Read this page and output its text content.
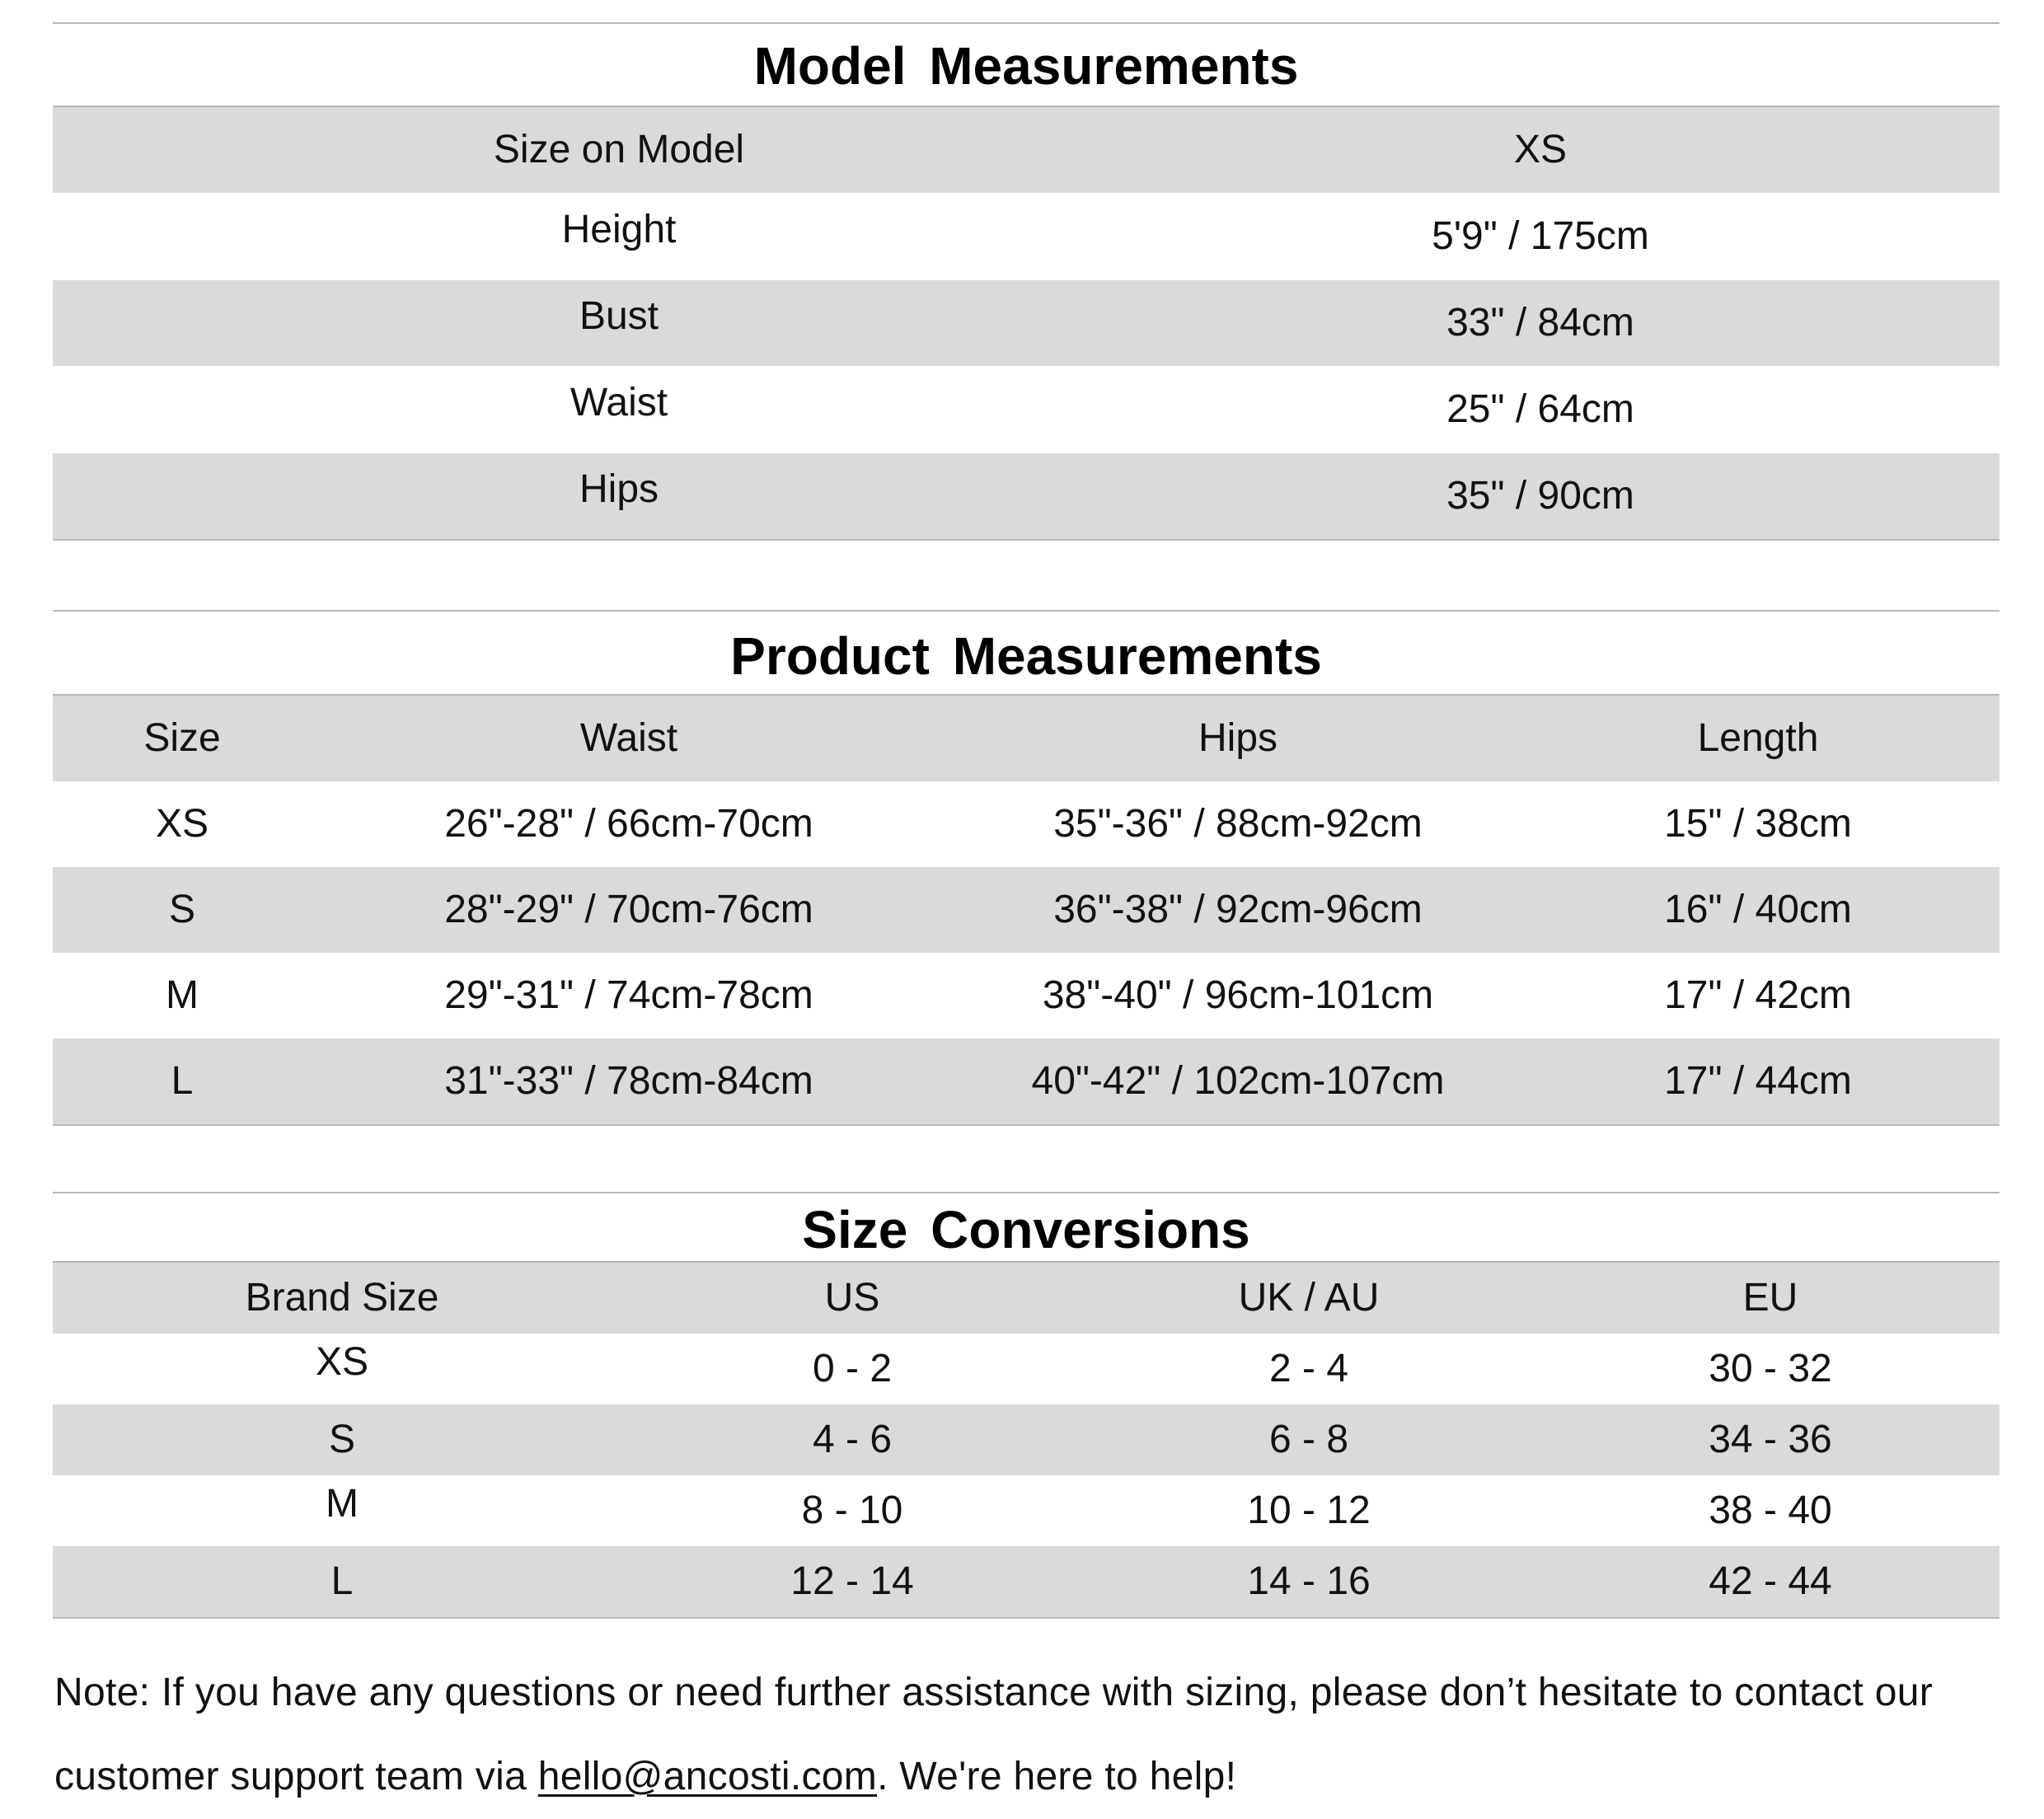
Model Measurements
Size on Model	XS
Height	5'9" / 175cm
Bust	33" / 84cm
Waist	25" / 64cm
Hips	35" / 90cm
Product Measurements
Size	Waist	Hips	Length
XS	26"-28" / 66cm-70cm	35"-36" / 88cm-92cm	15" / 38cm
S	28"-29" / 70cm-76cm	36"-38" / 92cm-96cm	16" / 40cm
M	29"-31" / 74cm-78cm	38"-40" / 96cm-101cm	17" / 42cm
L	31"-33" / 78cm-84cm	40"-42" / 102cm-107cm	17" / 44cm
Size Conversions
Brand Size	US	UK / AU	EU
XS	0 - 2	2 - 4	30 - 32
S	4 - 6	6 - 8	34 - 36
M	8 - 10	10 - 12	38 - 40
L	12 - 14	14 - 16	42 - 44
Note: If you have any questions or need further assistance with sizing, please don’t hesitate to contact our customer support team via hello@ancosti.com. We're here to help!
